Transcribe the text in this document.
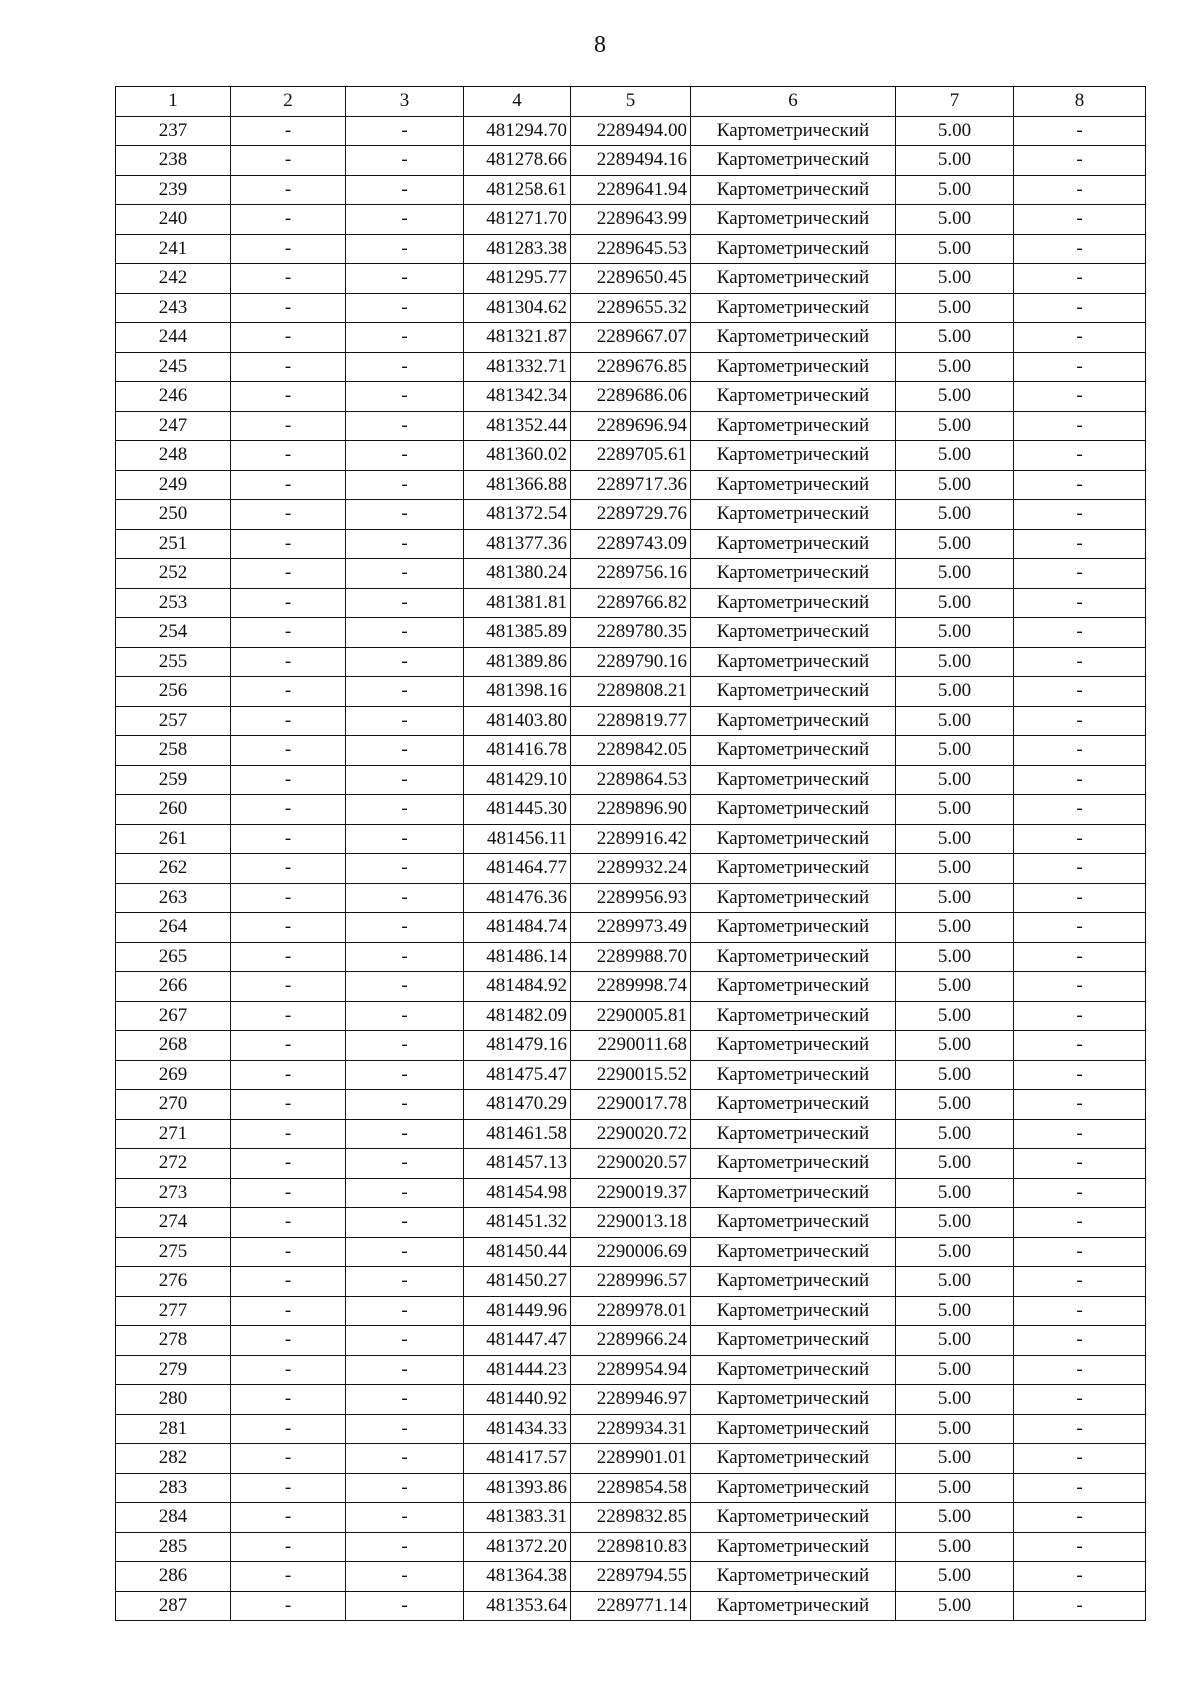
8
1	2	3	4	5	6	7	8
237	-	-	481294.70	2289494.00	Картометрический	5.00	-
238	-	-	481278.66	2289494.16	Картометрический	5.00	-
239	-	-	481258.61	2289641.94	Картометрический	5.00	-
240	-	-	481271.70	2289643.99	Картометрический	5.00	-
241	-	-	481283.38	2289645.53	Картометрический	5.00	-
242	-	-	481295.77	2289650.45	Картометрический	5.00	-
243	-	-	481304.62	2289655.32	Картометрический	5.00	-
244	-	-	481321.87	2289667.07	Картометрический	5.00	-
245	-	-	481332.71	2289676.85	Картометрический	5.00	-
246	-	-	481342.34	2289686.06	Картометрический	5.00	-
247	-	-	481352.44	2289696.94	Картометрический	5.00	-
248	-	-	481360.02	2289705.61	Картометрический	5.00	-
249	-	-	481366.88	2289717.36	Картометрический	5.00	-
250	-	-	481372.54	2289729.76	Картометрический	5.00	-
251	-	-	481377.36	2289743.09	Картометрический	5.00	-
252	-	-	481380.24	2289756.16	Картометрический	5.00	-
253	-	-	481381.81	2289766.82	Картометрический	5.00	-
254	-	-	481385.89	2289780.35	Картометрический	5.00	-
255	-	-	481389.86	2289790.16	Картометрический	5.00	-
256	-	-	481398.16	2289808.21	Картометрический	5.00	-
257	-	-	481403.80	2289819.77	Картометрический	5.00	-
258	-	-	481416.78	2289842.05	Картометрический	5.00	-
259	-	-	481429.10	2289864.53	Картометрический	5.00	-
260	-	-	481445.30	2289896.90	Картометрический	5.00	-
261	-	-	481456.11	2289916.42	Картометрический	5.00	-
262	-	-	481464.77	2289932.24	Картометрический	5.00	-
263	-	-	481476.36	2289956.93	Картометрический	5.00	-
264	-	-	481484.74	2289973.49	Картометрический	5.00	-
265	-	-	481486.14	2289988.70	Картометрический	5.00	-
266	-	-	481484.92	2289998.74	Картометрический	5.00	-
267	-	-	481482.09	2290005.81	Картометрический	5.00	-
268	-	-	481479.16	2290011.68	Картометрический	5.00	-
269	-	-	481475.47	2290015.52	Картометрический	5.00	-
270	-	-	481470.29	2290017.78	Картометрический	5.00	-
271	-	-	481461.58	2290020.72	Картометрический	5.00	-
272	-	-	481457.13	2290020.57	Картометрический	5.00	-
273	-	-	481454.98	2290019.37	Картометрический	5.00	-
274	-	-	481451.32	2290013.18	Картометрический	5.00	-
275	-	-	481450.44	2290006.69	Картометрический	5.00	-
276	-	-	481450.27	2289996.57	Картометрический	5.00	-
277	-	-	481449.96	2289978.01	Картометрический	5.00	-
278	-	-	481447.47	2289966.24	Картометрический	5.00	-
279	-	-	481444.23	2289954.94	Картометрический	5.00	-
280	-	-	481440.92	2289946.97	Картометрический	5.00	-
281	-	-	481434.33	2289934.31	Картометрический	5.00	-
282	-	-	481417.57	2289901.01	Картометрический	5.00	-
283	-	-	481393.86	2289854.58	Картометрический	5.00	-
284	-	-	481383.31	2289832.85	Картометрический	5.00	-
285	-	-	481372.20	2289810.83	Картометрический	5.00	-
286	-	-	481364.38	2289794.55	Картометрический	5.00	-
287	-	-	481353.64	2289771.14	Картометрический	5.00	-
